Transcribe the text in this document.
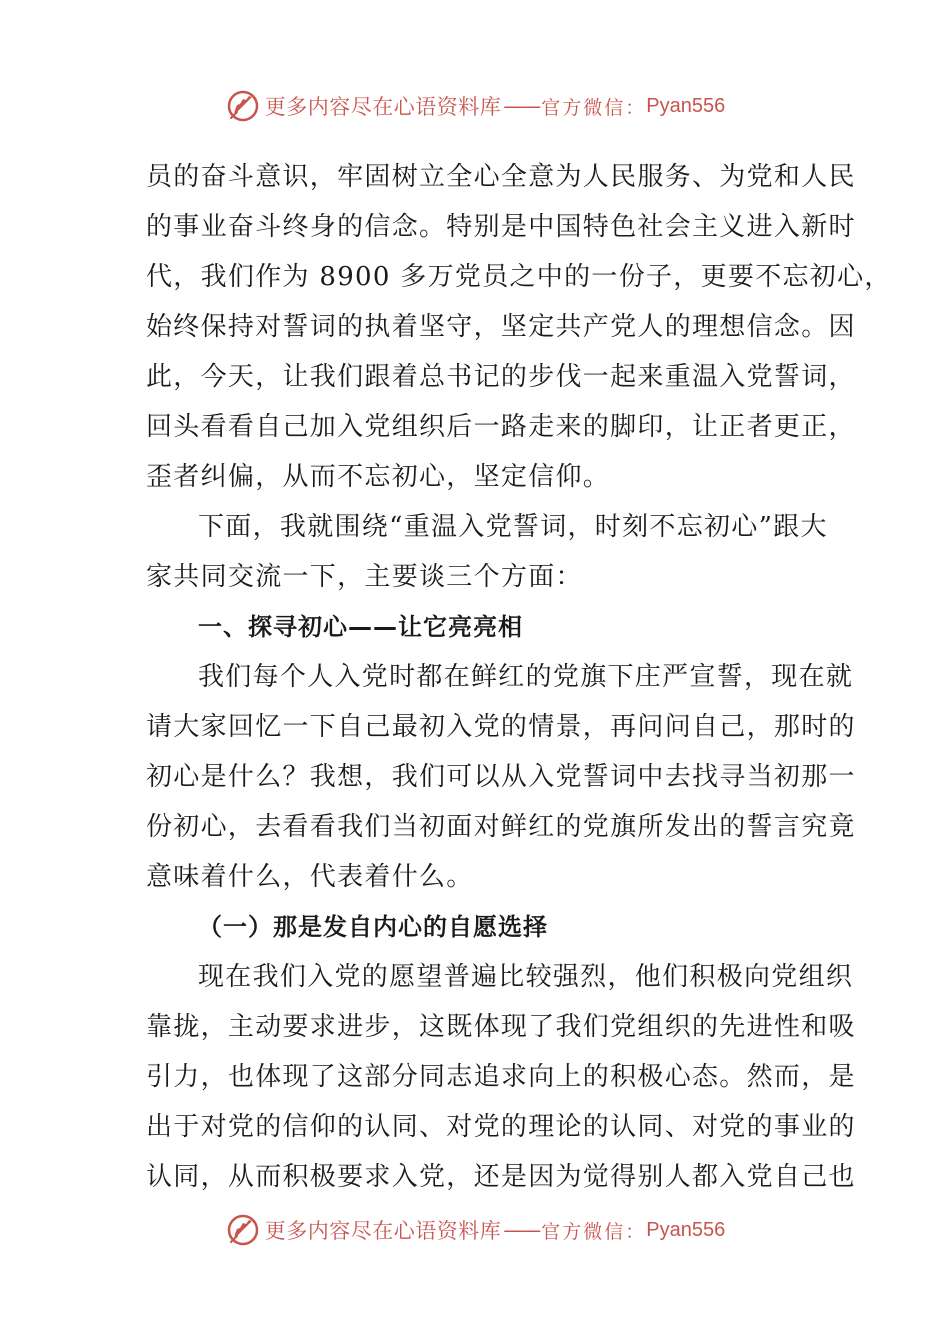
更多内容尽在心语资料库 —— 官方微信： Pyan556
员的奋斗意识，牢固树立全心全意为人民服务、为党和人民
的事业奋斗终身的信念。特别是中国特色社会主义进入新时
代，我们作为 8900 多万党员之中的一份子，更要不忘初心，
始终保持对誓词的执着坚守，坚定共产党人的理想信念。因
此，今天，让我们跟着总书记的步伐一起来重温入党誓词，
回头看看自己加入党组织后一路走来的脚印，让正者更正，
歪者纠偏，从而不忘初心，坚定信仰。
下面，我就围绕“重温入党誓词，时刻不忘初心”跟大
家共同交流一下，主要谈三个方面：
一、探寻初心——让它亮亮相
我们每个人入党时都在鲜红的党旗下庄严宣誓，现在就
请大家回忆一下自己最初入党的情景，再问问自己，那时的
初心是什么？我想，我们可以从入党誓词中去找寻当初那一
份初心，去看看我们当初面对鲜红的党旗所发出的誓言究竟
意味着什么，代表着什么。
（一）那是发自内心的自愿选择
现在我们入党的愿望普遍比较强烈，他们积极向党组织
靠拢，主动要求进步，这既体现了我们党组织的先进性和吸
引力，也体现了这部分同志追求向上的积极心态。然而，是
出于对党的信仰的认同、对党的理论的认同、对党的事业的
认同，从而积极要求入党，还是因为觉得别人都入党自己也
更多内容尽在心语资料库 —— 官方微信： Pyan556
